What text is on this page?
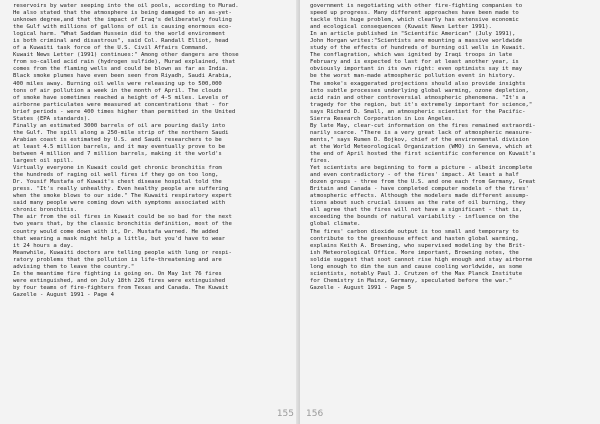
reservoirs by water seeping into the oil pools, according to Murad.

He also stated that the atmosphere is being damaged to an as-yet-

unknown degree,and that the impact of Iraq's deliberately fouling

the Gulf with millions of gallons of oil is causing enormous eco-

logical harm. "What Saddam Hussein did to the world environment

is both criminal and disastrous", said Col. Randall Elliot, head

of a Kuwaiti task force of the U.S. Civil Affairs Command.

Kuwait News Letter (1991) continues:" Among other dangers are those

from so-called acid rain (hydrogen sulfide), Murad explained, that

comes from the flaming wells and could be blown as far as India.

Black smoke plumes have even been seen from Riyadh, Saudi Arabia,

400 miles away. Burning oil wells were releasing up to 500,000

tons of air pollution a week in the month of April. The clouds

of smoke have sometimes reached a height of 4-5 miles. Levels of

airborne particulates were measured at concentrations that - for

brief periods - were 400 times higher than permitted in the United

States (EPA standards).

Finally an estimated 3000 barrels of oil are pouring daily into

the Gulf. The spill along a 250-mile strip of the northern Saudi

Arabian coast is estimated by U.S. and Saudi researchers to be

at least 4.5 million barrels, and it may eventually prove to be

between 4 million and 7 million barrels, making it the world's

largest oil spill.

Virtually everyone in Kuwait could get chronic bronchitis from

the hundreds of raging oil well fires if they go on too long,

Dr. Yousif Mustafa of Kuwait's chest disease hospital told the

press. "It's really unhealthy. Even healthy people are suffering

when the smoke blows to our side." The Kuwaiti respiratory expert

said many people were coming down with symptoms associated with

chronic bronchitis.

The air from the oil fires in Kuwait could be so bad for the next

two years that, by the classic bronchitis definition, most of the

country would come down with it, Dr. Mustafa warned. He added

that wearing a mask might help a little, but you'd have to wear

it 24 hours a day.

Meanwhile, Kuwaiti doctors are telling people with lung or respi-

ratory problems that the pollution is life-threatening and are

advising them to leave the country."

In the meantime fire fighting is going on. On May 1st 76 fires

were extinguished, and on July 18th 226 fires were extinguished

by four teams of fire-fighters from Texas and Canada. The Kuwait

Gazelle - August 1991 - Page 4
155

government is negotiating with other fire-fighting companies to

speed up progress. Many different approaches have been made to

tackle this huge problem, which clearly has extensive economic

and ecological consequences (Kuwait News Letter 1991).

In an article published in "Scientific American" (July 1991),

John Horgan writes:"Scientists are mounting a massive worldwide

study of the effects of hundreds of burning oil wells in Kuwait.

The conflagration, which was ignited by Iraqi troops in late

February and is expected to last for at least another year, is

obviously important in its own right: even optimists say it may

be the worst man-made atmospheric pollution event in history.

The smoke's exaggerated projections should also provide insights

into subtle processes underlying global warming, ozone depletion,

acid rain and other controversial atmospheric phenomena. "It's a

tragedy for the region, but it's extremely important for science,"

says Richard D. Small, an atmospheric scientist for the Pacific-

Sierra Research Corporation in Los Angeles.

By late May, clear-cut information on the fires remained extraordi-

narily scarce. "There is a very great lack of atmospheric measure-

ments," says Rumen D. Bojkov, chief of the environmental division

at the World Meteorological Organization (WMO) in Geneva, which at

the end of April hosted the first scientific conference on Kuwait's

fires.

Yet scientists are beginning to form a picture - albeit incomplete

and even contradictory - of the fires' impact. At least a half

dozen groups - three from the U.S. and one each from Germany, Great

Britain and Canada - have completed computer models of the fires'

atmospheric effects. Although the modelers made different assump-

tions about such crucial issues as the rate of oil burning, they

all agree that the fires will not have a significant - that is,

exceeding the bounds of natural variability - influence on the

global climate.

The fires' carbon dioxide output is too small and temporary to

contribute to the greenhouse effect and hasten global warming,

explains Keith A. Browning, who supervised modeling by the Brit-

ish Meteorological Office. More important, Browning notes, the

soldie suggest that soot cannot rise high enough and stay airborne

long enough to dim the sun and cause cooling worldwide, as some

scientists, notably Paul J. Crutzen of the Max Planck Institute

for Chemistry in Mainz, Germany, speculated before the war."

Gazelle - August 1991 - Page 5
156
